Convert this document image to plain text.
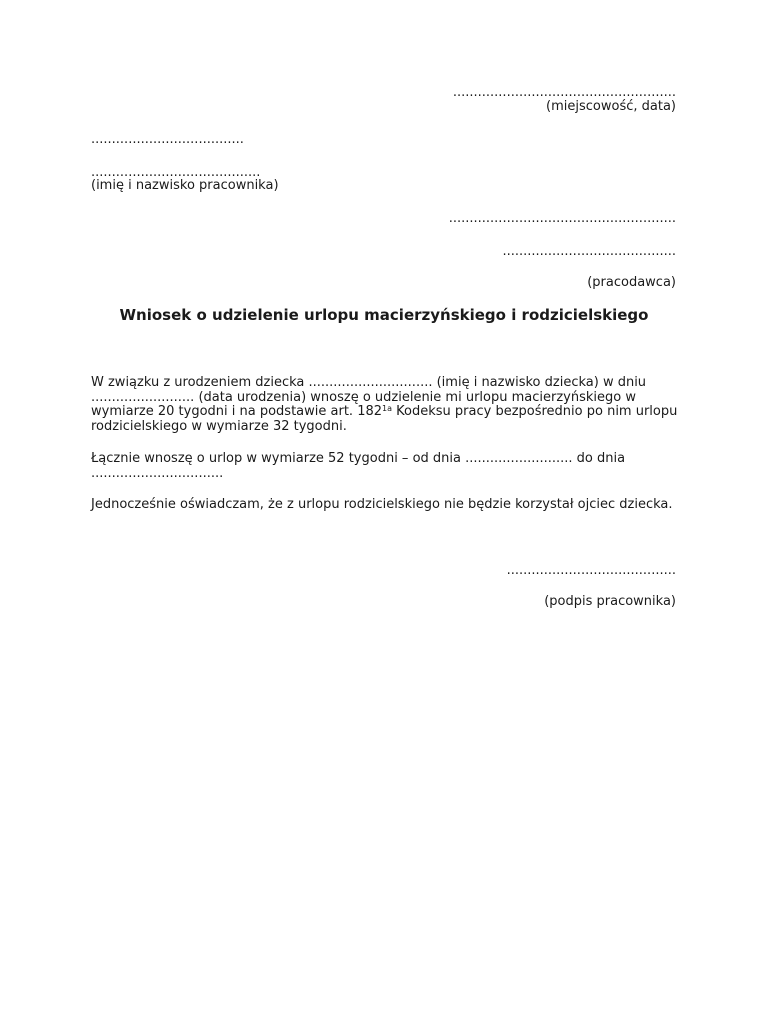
......................................................
(miejscowość, data)
.....................................
.........................................
(imię i nazwisko pracownika)
.......................................................
..........................................
(pracodawca)
Wniosek o udzielenie urlopu macierzyńskiego i rodzicielskiego
W związku z urodzeniem dziecka .............................. (imię i nazwisko dziecka) w dniu ......................... (data urodzenia) wnoszę o udzielenie mi urlopu macierzyńskiego w wymiarze 20 tygodni i na podstawie art. $182^{1a}$ Kodeksu pracy bezpośrednio po nim urlopu rodzicielskiego w wymiarze 32 tygodni.
Łącznie wnoszę o urlop w wymiarze 52 tygodni – od dnia .......................... do dnia ................................
Jednocześnie oświadczam, że z urlopu rodzicielskiego nie będzie korzystał ojciec dziecka.
.........................................
(podpis pracownika)
